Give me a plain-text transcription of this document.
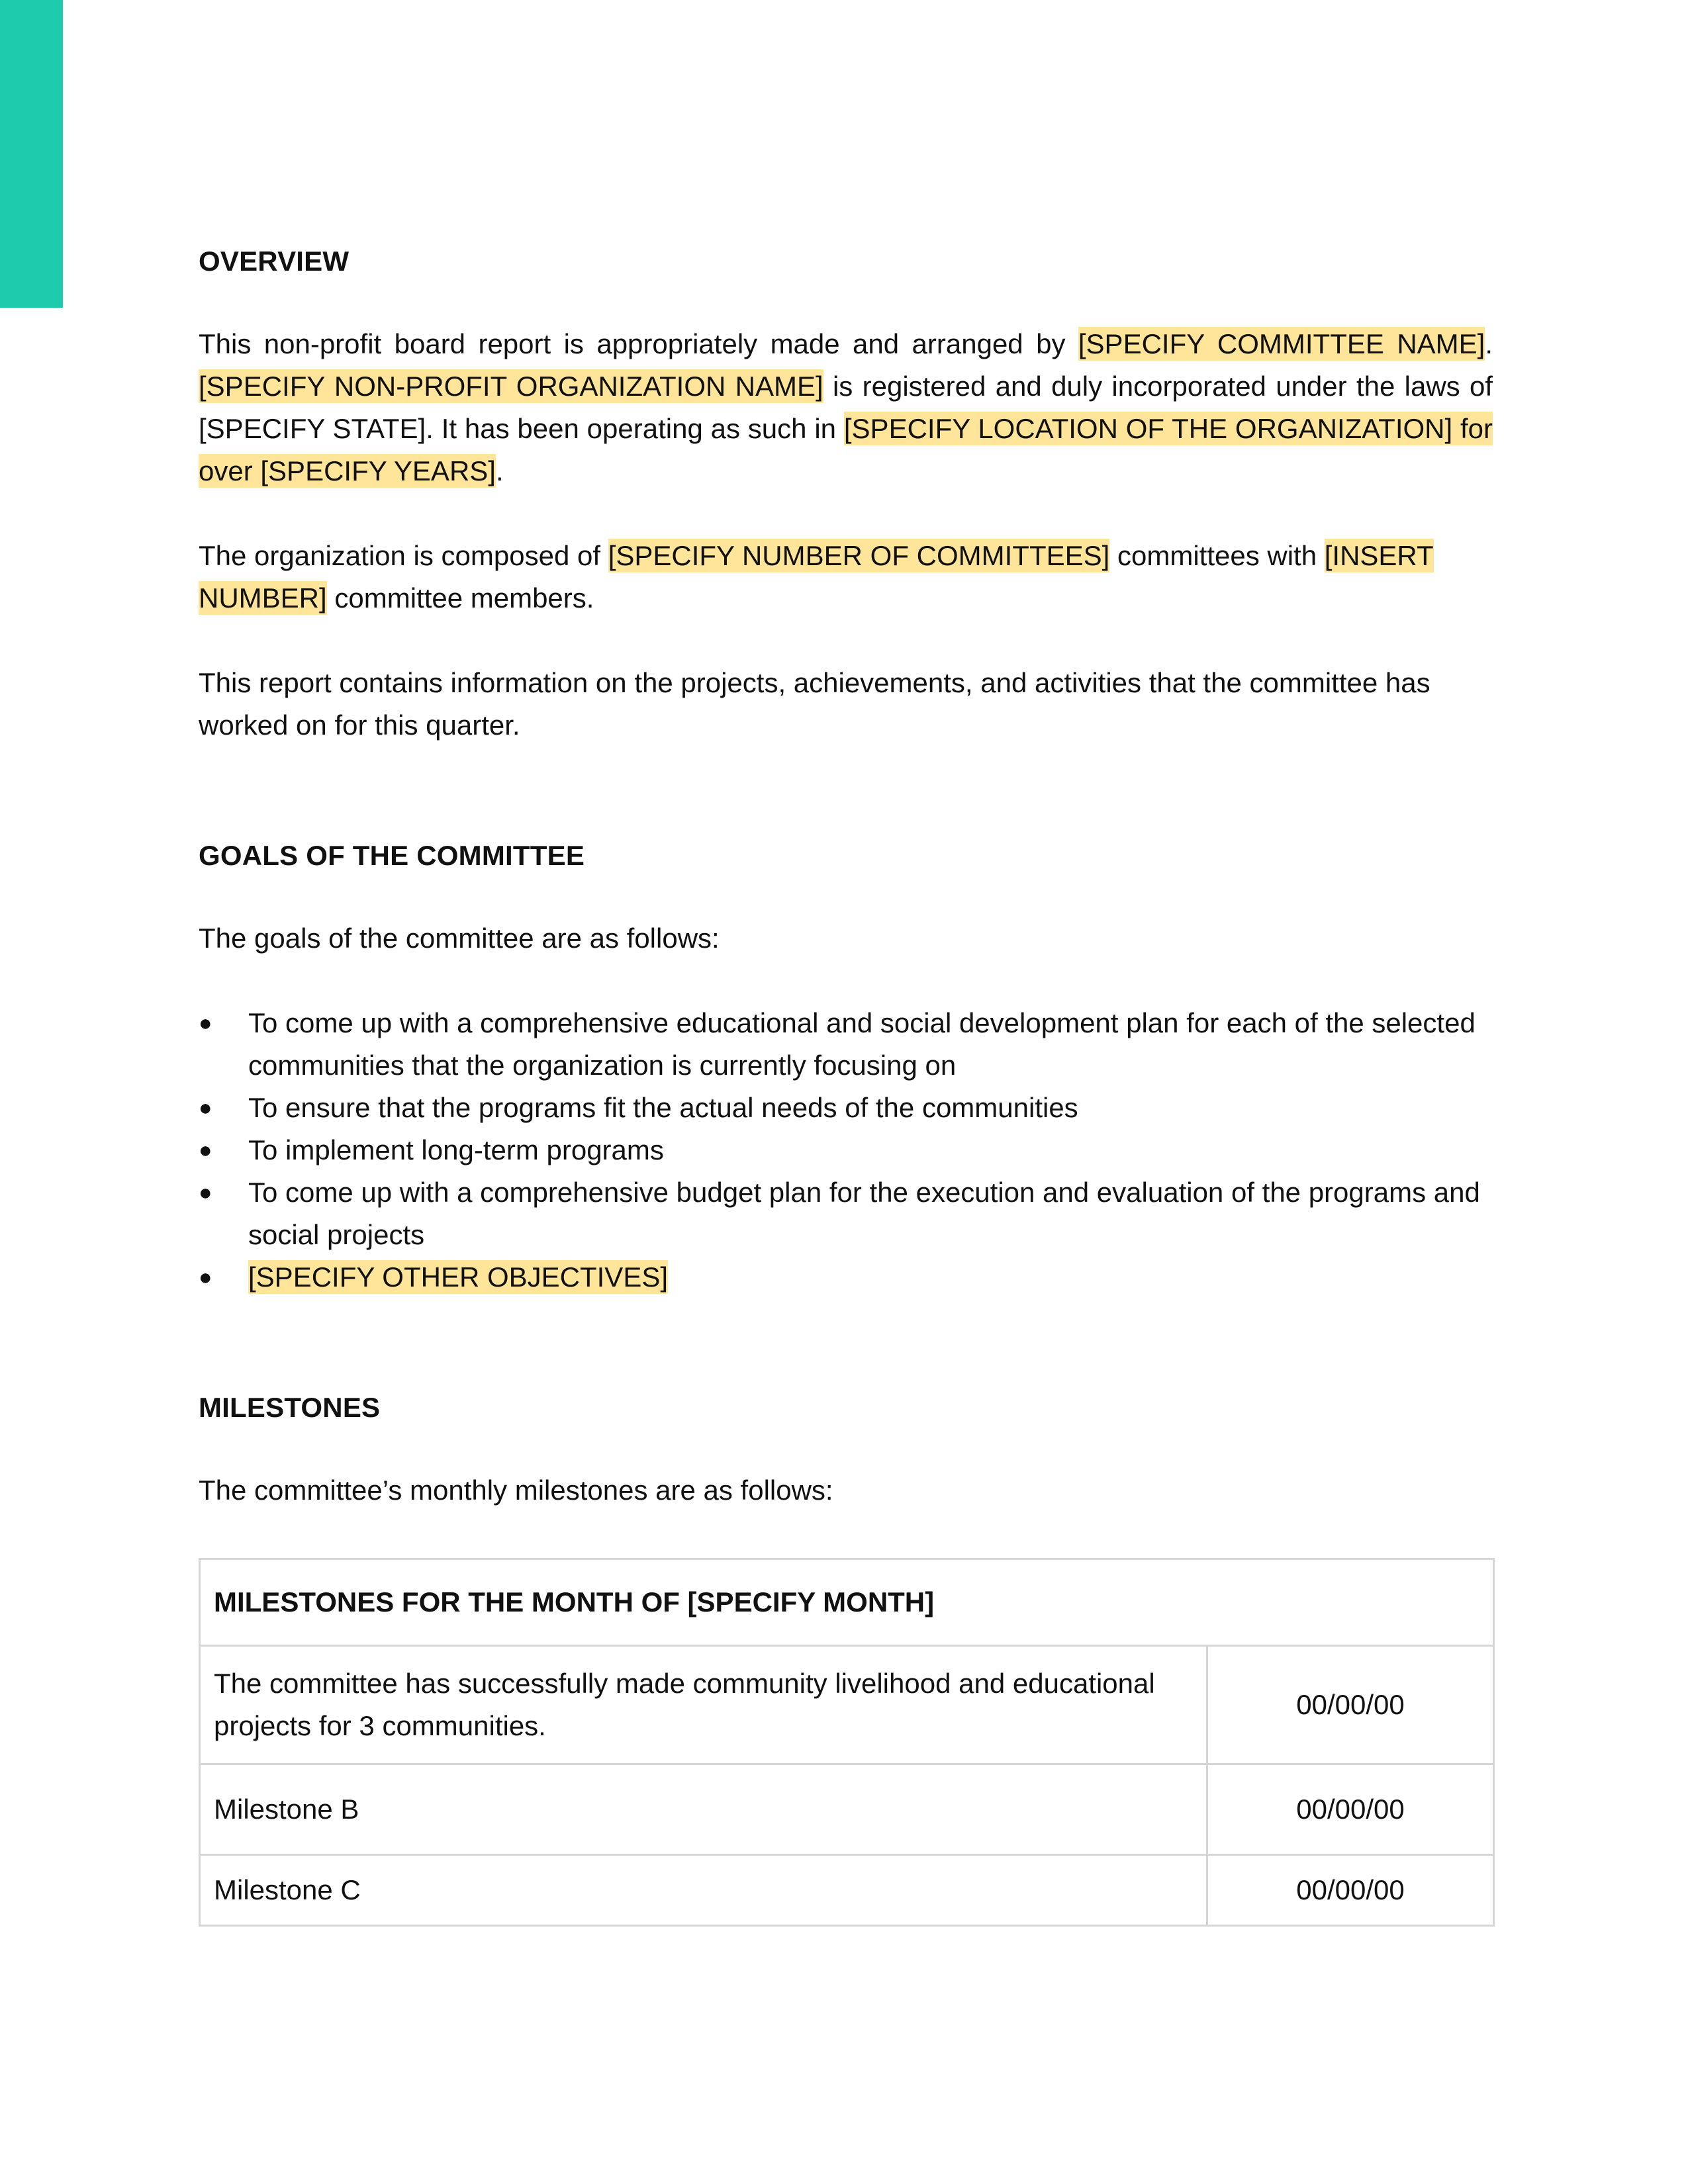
OVERVIEW

This non-profit board report is appropriately made and arranged by [SPECIFY COMMITTEE NAME]. [SPECIFY NON-PROFIT ORGANIZATION NAME] is registered and duly incorporated under the laws of [SPECIFY STATE]. It has been operating as such in [SPECIFY LOCATION OF THE ORGANIZATION] for over [SPECIFY YEARS].

The organization is composed of [SPECIFY NUMBER OF COMMITTEES] committees with [INSERT NUMBER] committee members.

This report contains information on the projects, achievements, and activities that the committee has worked on for this quarter.

GOALS OF THE COMMITTEE

The goals of the committee are as follows:

●	To come up with a comprehensive educational and social development plan for each of the selected communities that the organization is currently focusing on
●	To ensure that the programs fit the actual needs of the communities
●	To implement long-term programs
●	To come up with a comprehensive budget plan for the execution and evaluation of the programs and social projects
●	[SPECIFY OTHER OBJECTIVES]
MILESTONES

The committee’s monthly milestones are as follows:

MILESTONES FOR THE MONTH OF [SPECIFY MONTH]	
The committee has successfully made community livelihood and educational projects for 3 communities.	00/00/00
Milestone B	00/00/00
Milestone C	00/00/00
